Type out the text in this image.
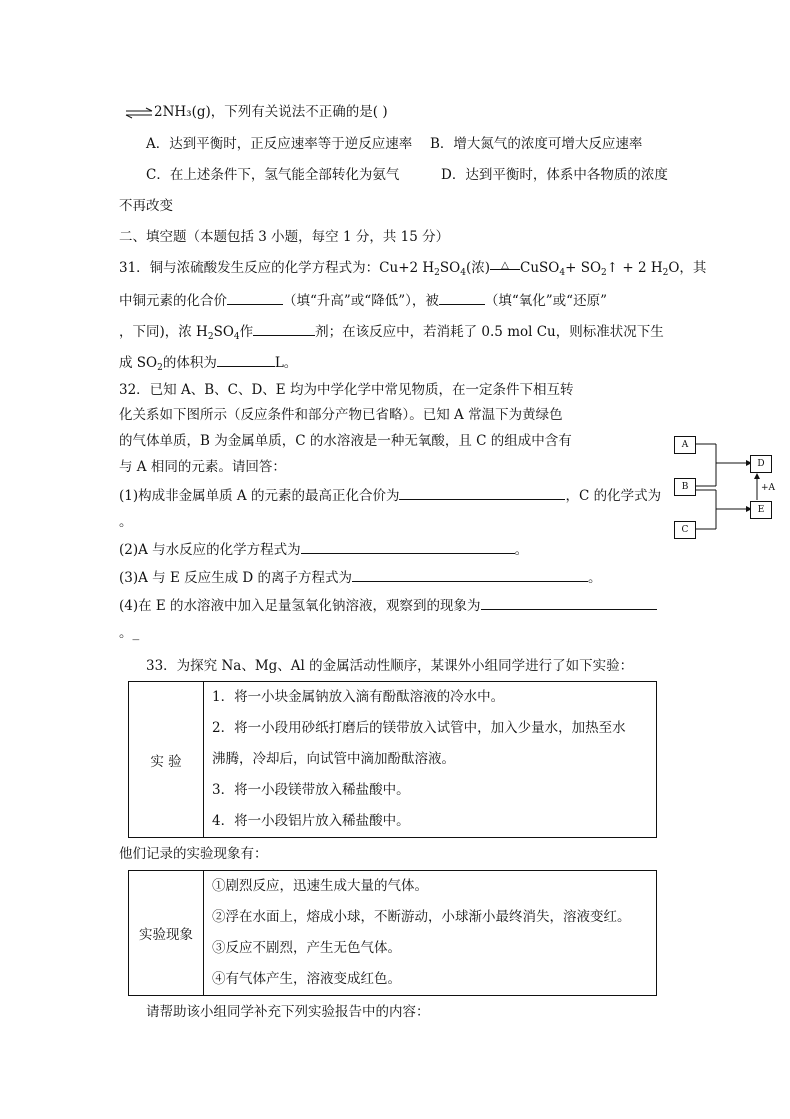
⇌2NH₃(g)，下列有关说法不正确的是( )
A．达到平衡时，正反应速率等于逆反应速率 B．增大氮气的浓度可增大反应速率
C．在上述条件下，氢气能全部转化为氨气	D．达到平衡时，体系中各物质的浓度
不再改变
二、填空题（本题包括 3 小题，每空 1 分，共 15 分）
31．铜与浓硫酸发生反应的化学方程式为：Cu+2 $H_2SO_4$(浓) △ CuSO$_4$+ $SO_2↑ + 2$ $H_2O$，其
中铜元素的化合价	（填“升高”或“降低”），被	（填“氧化”或“还原”
，下同)，浓 $H_2SO_4$作	剂；在该反应中，若消耗了 0.5 mol Cu，则标准状况下生
成 $SO_2$的体积为	L。
32．已知 A、B、C、D、E 均为中学化学中常见物质，在一定条件下相互转
化关系如下图所示（反应条件和部分产物已省略）。已知 A 常温下为黄绿色
的气体单质，B 为金属单质，C 的水溶液是一种无氧酸，且 C 的组成中含有
与 A 相同的元素。请回答：
(1)构成非金属单质 A 的元素的最高正化合价为	，C 的化学式为
。
(2)A 与水反应的化学方程式为	。
(3)A 与 E 反应生成 D 的离子方程式为	。
(4)在 E 的水溶液中加入足量氢氧化钠溶液，观察到的现象为
。_
A
B
C
D
E
+A
33．为探究 Na、Mg、Al 的金属活动性顺序，某课外小组同学进行了如下实验：
实 验	
1．将一小块金属钠放入滴有酚酞溶液的冷水中。
2．将一小段用砂纸打磨后的镁带放入试管中，加入少量水，加热至水
沸腾，冷却后，向试管中滴加酚酞溶液。
3．将一小段镁带放入稀盐酸中。
4．将一小段铝片放入稀盐酸中。
他们记录的实验现象有：
实验现象	
①剧烈反应，迅速生成大量的气体。
②浮在水面上，熔成小球，不断游动，小球渐小最终消失，溶液变红。
③反应不剧烈，产生无色气体。
④有气体产生，溶液变成红色。
请帮助该小组同学补充下列实验报告中的内容：
